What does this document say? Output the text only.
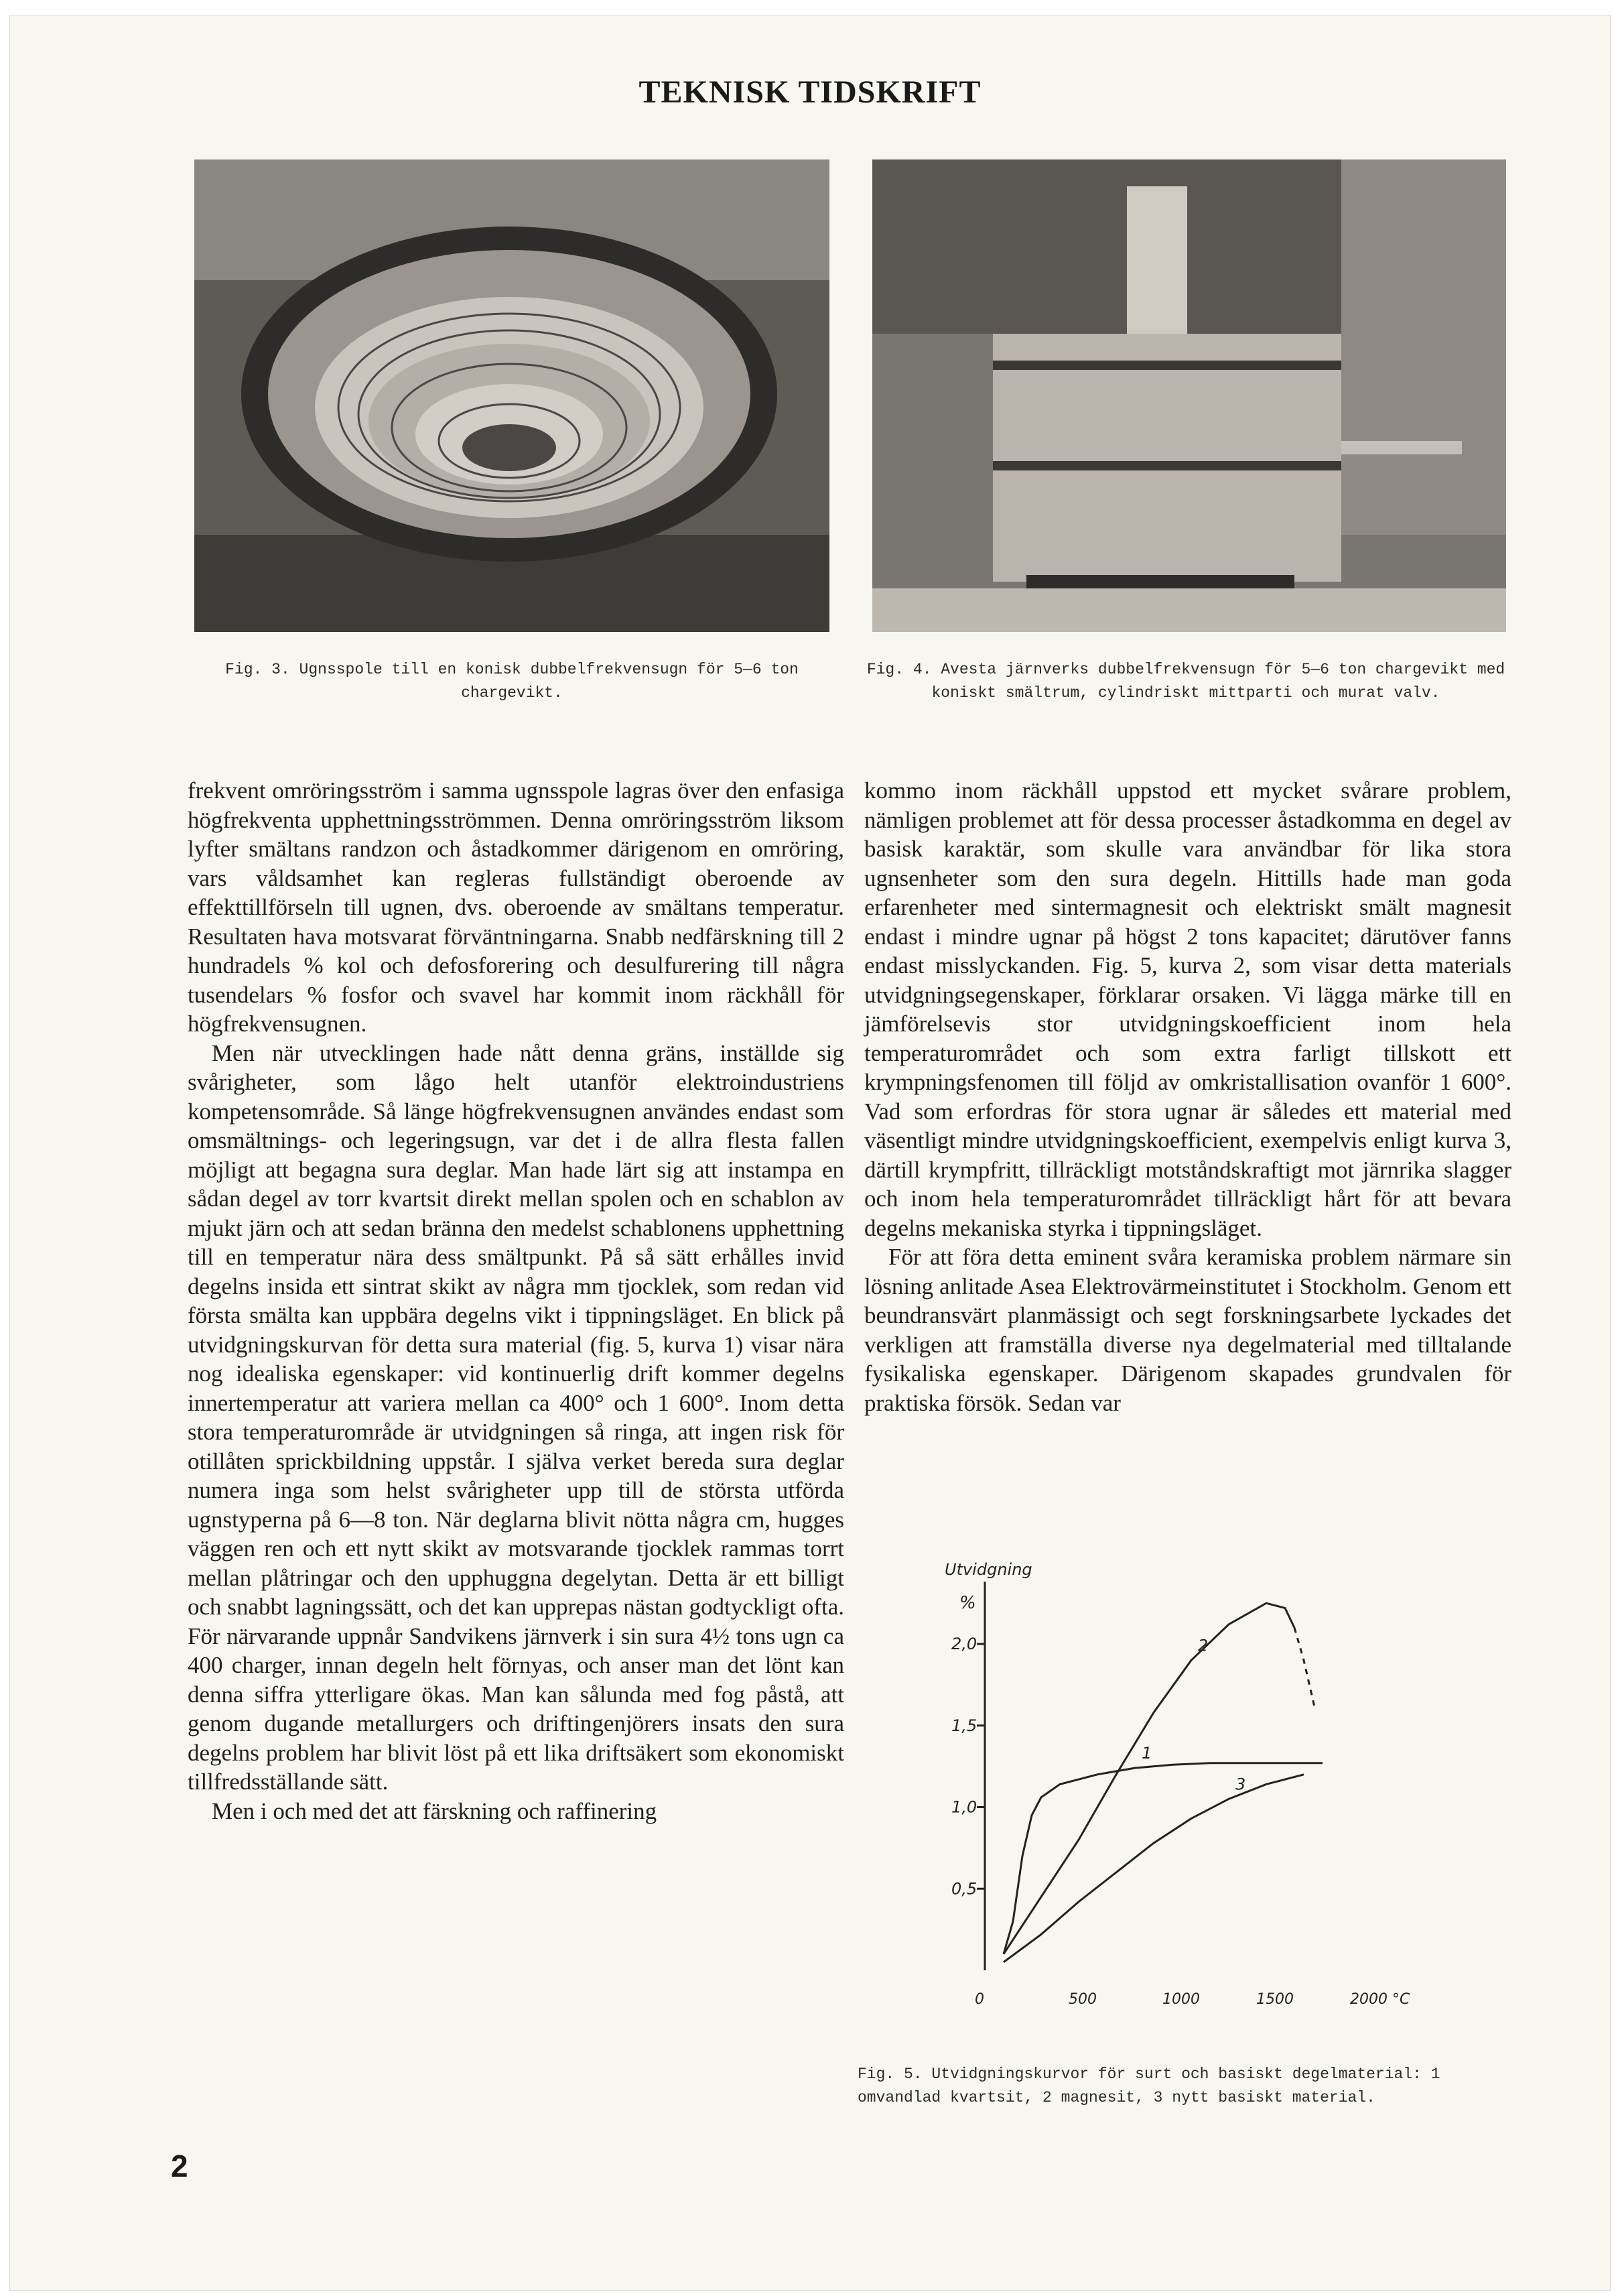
TEKNISK TIDSKRIFT
Fig. 3. Ugnsspole till en konisk dubbelfrekvensugn för 5—6 ton chargevikt.
Fig. 4. Avesta järnverks dubbelfrekvensugn för 5—6 ton chargevikt med koniskt smältrum, cylindriskt mittparti och murat valv.

frekvent omröringsström i samma ugnsspole lagras över den enfasiga högfrekventa upphettningsströmmen. Denna omröringsström liksom lyfter smältans randzon och åstadkommer därigenom en omröring, vars våldsamhet kan regleras fullständigt oberoende av effekttillförseln till ugnen, dvs. oberoende av smältans temperatur. Resultaten hava motsvarat förväntningarna. Snabb nedfärskning till 2 hundradels % kol och defosforering och desulfurering till några tusendelars % fosfor och svavel har kommit inom räckhåll för högfrekvensugnen.

Men när utvecklingen hade nått denna gräns, inställde sig svårigheter, som lågo helt utanför elektroindustriens kompetensområde. Så länge högfrekvensugnen användes endast som omsmältnings- och legeringsugn, var det i de allra flesta fallen möjligt att begagna sura deglar. Man hade lärt sig att instampa en sådan degel av torr kvartsit direkt mellan spolen och en schablon av mjukt järn och att sedan bränna den medelst schablonens upphettning till en temperatur nära dess smältpunkt. På så sätt erhålles invid degelns insida ett sintrat skikt av några mm tjocklek, som redan vid första smälta kan uppbära degelns vikt i tippningsläget. En blick på utvidgningskurvan för detta sura material (fig. 5, kurva 1) visar nära nog idealiska egenskaper: vid kontinuerlig drift kommer degelns innertemperatur att variera mellan ca 400° och 1 600°. Inom detta stora temperaturområde är utvidgningen så ringa, att ingen risk för otillåten sprickbildning uppstår. I själva verket bereda sura deglar numera inga som helst svårigheter upp till de största utförda ugnstyperna på 6—8 ton. När deglarna blivit nötta några cm, hugges väggen ren och ett nytt skikt av motsvarande tjocklek rammas torrt mellan plåtringar och den upphuggna degelytan. Detta är ett billigt och snabbt lagningssätt, och det kan upprepas nästan godtyckligt ofta. För närvarande uppnår Sandvikens järnverk i sin sura 4½ tons ugn ca 400 charger, innan degeln helt förnyas, och anser man det lönt kan denna siffra ytterligare ökas. Man kan sålunda med fog påstå, att genom dugande metallurgers och driftingenjörers insats den sura degelns problem har blivit löst på ett lika driftsäkert som ekonomiskt tillfredsställande sätt.

Men i och med det att färskning och raffinering

kommo inom räckhåll uppstod ett mycket svårare problem, nämligen problemet att för dessa processer åstadkomma en degel av basisk karaktär, som skulle vara användbar för lika stora ugnsenheter som den sura degeln. Hittills hade man goda erfarenheter med sintermagnesit och elektriskt smält magnesit endast i mindre ugnar på högst 2 tons kapacitet; därutöver fanns endast misslyckanden. Fig. 5, kurva 2, som visar detta materials utvidgningsegenskaper, förklarar orsaken. Vi lägga märke till en jämförelsevis stor utvidgningskoefficient inom hela temperaturområdet och som extra farligt tillskott ett krympningsfenomen till följd av omkristallisation ovanför 1 600°. Vad som erfordras för stora ugnar är således ett material med väsentligt mindre utvidgningskoefficient, exempelvis enligt kurva 3, därtill krympfritt, tillräckligt motståndskraftigt mot järnrika slagger och inom hela temperaturområdet tillräckligt hårt för att bevara degelns mekaniska styrka i tippningsläget.

För att föra detta eminent svåra keramiska problem närmare sin lösning anlitade Asea Elektrovärmeinstitutet i Stockholm. Genom ett beundransvärt planmässigt och segt forskningsarbete lyckades det verkligen att framställa diverse nya degelmaterial med tilltalande fysikaliska egenskaper. Därigenom skapades grundvalen för praktiska försök. Sedan var

Utvidgning
%
0,5
1,0
1,5
2,0
0	500	1000	1500	2000 °C
1
2
3
Fig. 5. Utvidgningskurvor för surt och basiskt degelmaterial: 1 omvandlad kvartsit, 2 magnesit, 3 nytt basiskt material.
2
